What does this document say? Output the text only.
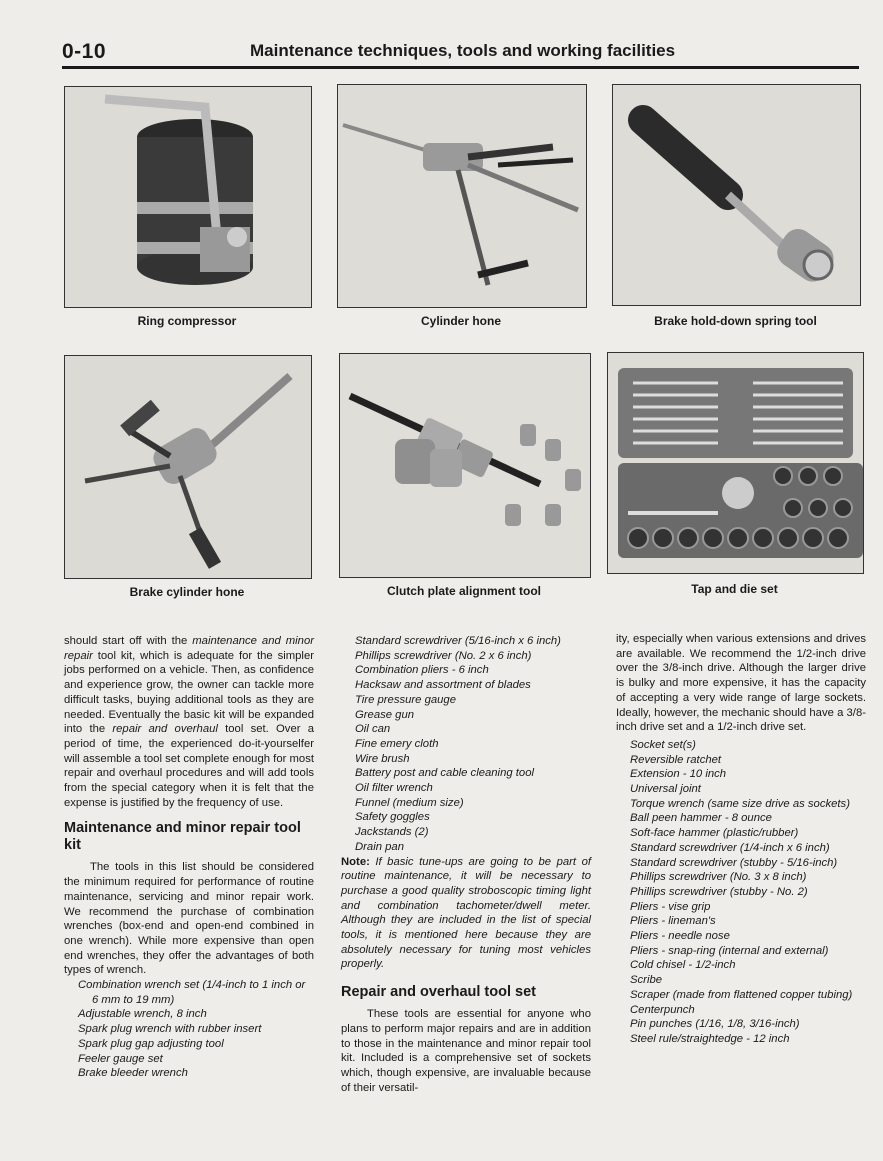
0-10	Maintenance techniques, tools and working facilities
Ring compressor	Cylinder hone	Brake hold-down spring tool
Brake cylinder hone	Clutch plate alignment tool	Tap and die set

should start off with the maintenance and minor repair tool kit, which is adequate for the simpler jobs performed on a vehicle. Then, as confidence and experience grow, the owner can tackle more difficult tasks, buying additional tools as they are needed. Eventually the basic kit will be expanded into the repair and overhaul tool set. Over a period of time, the experienced do-it-yourselfer will assemble a tool set complete enough for most repair and overhaul procedures and will add tools from the special category when it is felt that the expense is justified by the frequency of use.

Maintenance and minor repair tool kit

The tools in this list should be considered the minimum required for performance of routine maintenance, servicing and minor repair work. We recommend the purchase of combination wrenches (box-end and open-end combined in one wrench). While more expensive than open end wrenches, they offer the advantages of both types of wrench.

Combination wrench set (1/4-inch to 1 inch or 6 mm to 19 mm)
Adjustable wrench, 8 inch
Spark plug wrench with rubber insert
Spark plug gap adjusting tool
Feeler gauge set
Brake bleeder wrench
Standard screwdriver (5/16-inch x 6 inch)
Phillips screwdriver (No. 2 x 6 inch)
Combination pliers - 6 inch
Hacksaw and assortment of blades
Tire pressure gauge
Grease gun
Oil can
Fine emery cloth
Wire brush
Battery post and cable cleaning tool
Oil filter wrench
Funnel (medium size)
Safety goggles
Jackstands (2)
Drain pan

Note: If basic tune-ups are going to be part of routine maintenance, it will be necessary to purchase a good quality stroboscopic timing light and combination tachometer/dwell meter. Although they are included in the list of special tools, it is mentioned here because they are absolutely necessary for tuning most vehicles properly.

Repair and overhaul tool set

These tools are essential for anyone who plans to perform major repairs and are in addition to those in the maintenance and minor repair tool kit. Included is a comprehensive set of sockets which, though expensive, are invaluable because of their versatil-

ity, especially when various extensions and drives are available. We recommend the 1/2-inch drive over the 3/8-inch drive. Although the larger drive is bulky and more expensive, it has the capacity of accepting a very wide range of large sockets. Ideally, however, the mechanic should have a 3/8-inch drive set and a 1/2-inch drive set.

Socket set(s)
Reversible ratchet
Extension - 10 inch
Universal joint
Torque wrench (same size drive as sockets)
Ball peen hammer - 8 ounce
Soft-face hammer (plastic/rubber)
Standard screwdriver (1/4-inch x 6 inch)
Standard screwdriver (stubby - 5/16-inch)
Phillips screwdriver (No. 3 x 8 inch)
Phillips screwdriver (stubby - No. 2)
Pliers - vise grip
Pliers - lineman's
Pliers - needle nose
Pliers - snap-ring (internal and external)
Cold chisel - 1/2-inch
Scribe
Scraper (made from flattened copper tubing)
Centerpunch
Pin punches (1/16, 1/8, 3/16-inch)
Steel rule/straightedge - 12 inch
